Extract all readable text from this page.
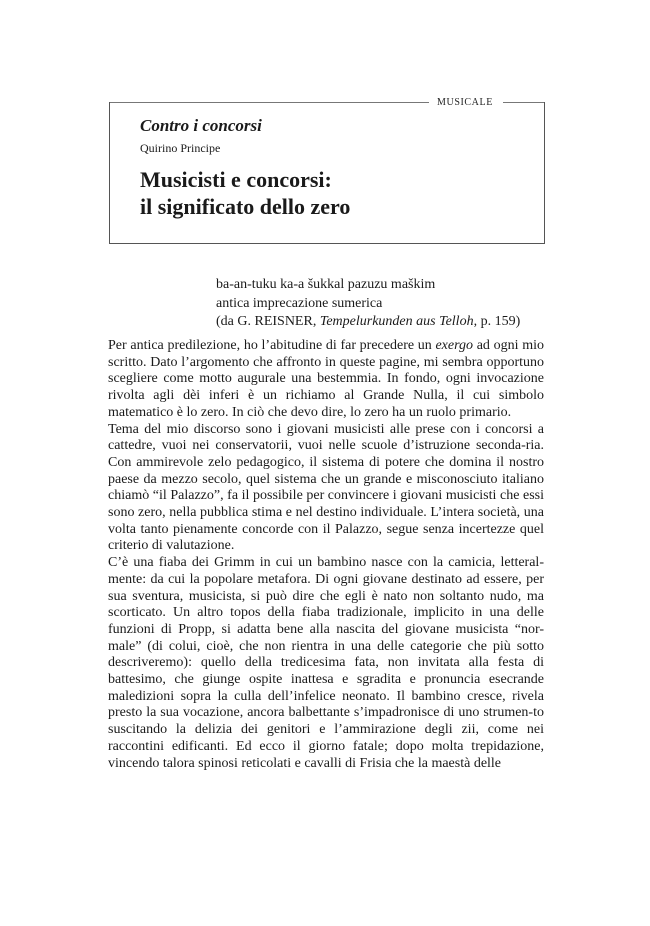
MUSICALE
Contro i concorsi
Quirino Principe
Musicisti e concorsi:
il significato dello zero
ba-an-tuku ka-a šukkal pazuzu maškim
antica imprecazione sumerica
(da G. REISNER, Tempelurkunden aus Telloh, p. 159)

Per antica predilezione, ho l’abitudine di far precedere un exergo ad ogni mio scritto. Dato l’argomento che affronto in queste pagine, mi sembra opportuno scegliere come motto augurale una bestemmia. In fondo, ogni invocazione rivolta agli dèi inferi è un richiamo al Grande Nulla, il cui simbolo matematico è lo zero. In ciò che devo dire, lo zero ha un ruolo primario.

Tema del mio discorso sono i giovani musicisti alle prese con i concorsi a cattedre, vuoi nei conservatorii, vuoi nelle scuole d’istruzione seconda-ria. Con ammirevole zelo pedagogico, il sistema di potere che domina il nostro paese da mezzo secolo, quel sistema che un grande e misconosciuto italiano chiamò “il Palazzo”, fa il possibile per convincere i giovani musicisti che essi sono zero, nella pubblica stima e nel destino individuale. L’intera società, una volta tanto pienamente concorde con il Palazzo, segue senza incertezze quel criterio di valutazione.

C’è una fiaba dei Grimm in cui un bambino nasce con la camicia, letteral-mente: da cui la popolare metafora. Di ogni giovane destinato ad essere, per sua sventura, musicista, si può dire che egli è nato non soltanto nudo, ma scorticato. Un altro topos della fiaba tradizionale, implicito in una delle funzioni di Propp, si adatta bene alla nascita del giovane musicista “nor-male” (di colui, cioè, che non rientra in una delle categorie che più sotto descriveremo): quello della tredicesima fata, non invitata alla festa di battesimo, che giunge ospite inattesa e sgradita e pronuncia esecrande maledizioni sopra la culla dell’infelice neonato. Il bambino cresce, rivela presto la sua vocazione, ancora balbettante s’impadronisce di uno strumen-to suscitando la delizia dei genitori e l’ammirazione degli zii, come nei raccontini edificanti. Ed ecco il giorno fatale; dopo molta trepidazione, vincendo talora spinosi reticolati e cavalli di Frisia che la maestà delle
